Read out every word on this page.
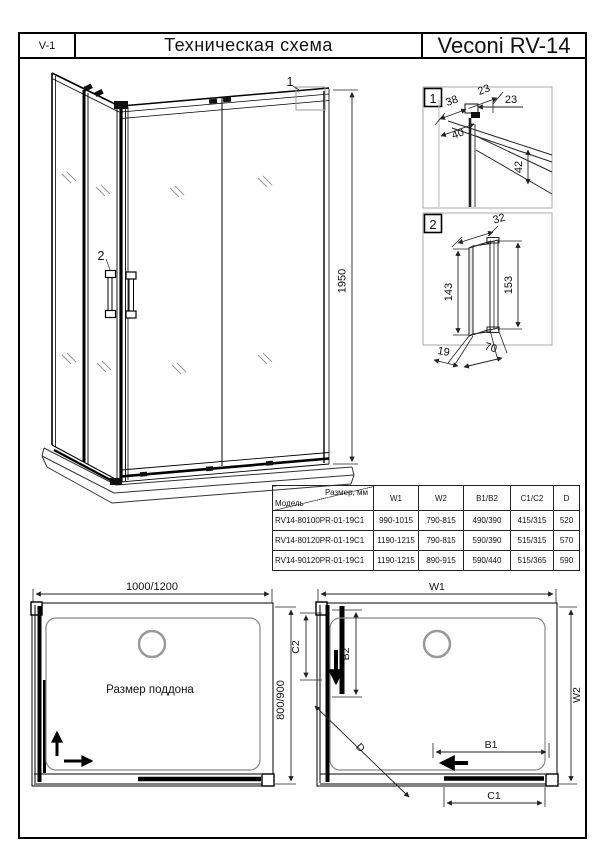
V-1	Техническая схема	Veconi RV-14
2
1
1950
1 38
23
23
40
42
2	32
143	153
19	70
1000/1200
800/900
Размер поддона
W1
C2
B2
D	B1
C1
W2
Размер, мм
Модель	W1	W2	B1/B2	C1/C2	D
RV14-80100PR-01-19C1	990-1015	790-815	490/390	415/315	520
RV14-80120PR-01-19C1	1190-1215	790-815	590/390	515/315	570
RV14-90120PR-01-19C1	1190-1215	890-915	590/440	515/365	590
